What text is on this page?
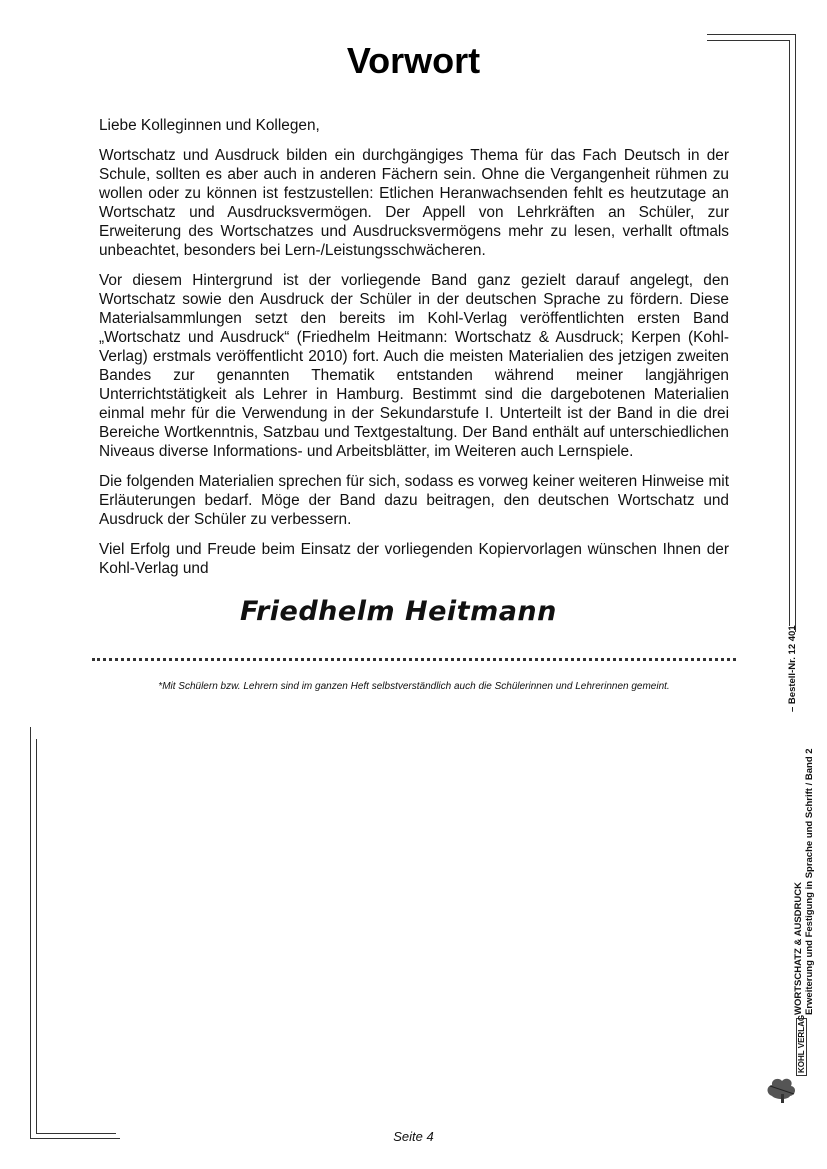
Vorwort

Liebe Kolleginnen und Kollegen,

Wortschatz und Ausdruck bilden ein durchgängiges Thema für das Fach Deutsch in der Schule, sollten es aber auch in anderen Fächern sein. Ohne die Vergangenheit rühmen zu wollen oder zu können ist festzustellen: Etlichen Heranwachsenden fehlt es heutzutage an Wortschatz und Ausdrucksvermögen. Der Appell von Lehrkräften an Schüler, zur Erweiterung des Wortschatzes und Ausdrucksvermögens mehr zu lesen, verhallt oftmals unbeachtet, besonders bei Lern-/Leistungsschwächeren.

Vor diesem Hintergrund ist der vorliegende Band ganz gezielt darauf angelegt, den Wortschatz sowie den Ausdruck der Schüler in der deutschen Sprache zu fördern. Diese Materialsammlungen setzt den bereits im Kohl-Verlag veröffentlichten ersten Band „Wortschatz und Ausdruck“ (Friedhelm Heitmann: Wortschatz & Ausdruck; Kerpen (Kohl-Verlag) erstmals veröffentlicht 2010) fort. Auch die meisten Materialien des jetzigen zweiten Bandes zur genannten Thematik entstanden während meiner langjährigen Unterrichtstätigkeit als Lehrer in Hamburg. Bestimmt sind die dargebotenen Materialien einmal mehr für die Verwendung in der Sekundarstufe I. Unterteilt ist der Band in die drei Bereiche Wortkenntnis, Satzbau und Textgestaltung. Der Band enthält auf unterschiedlichen Niveaus diverse Informations- und Arbeitsblätter, im Weiteren auch Lernspiele.

Die folgenden Materialien sprechen für sich, sodass es vorweg keiner weiteren Hinweise mit Erläuterungen bedarf. Möge der Band dazu beitragen, den deutschen Wortschatz und Ausdruck der Schüler zu verbessern.

Viel Erfolg und Freude beim Einsatz der vorliegenden Kopiervorlagen wünschen Ihnen der Kohl-Verlag und

Friedhelm Heitmann
*Mit Schülern bzw. Lehrern sind im ganzen Heft selbstverständlich auch die Schülerinnen und Lehrerinnen gemeint.	– Bestell-Nr. 12 401
WORTSCHATZ & AUSDRUCK Erweiterung und Festigung in Sprache und Schrift / Band 2
KOHL VERLAG
Seite 4
